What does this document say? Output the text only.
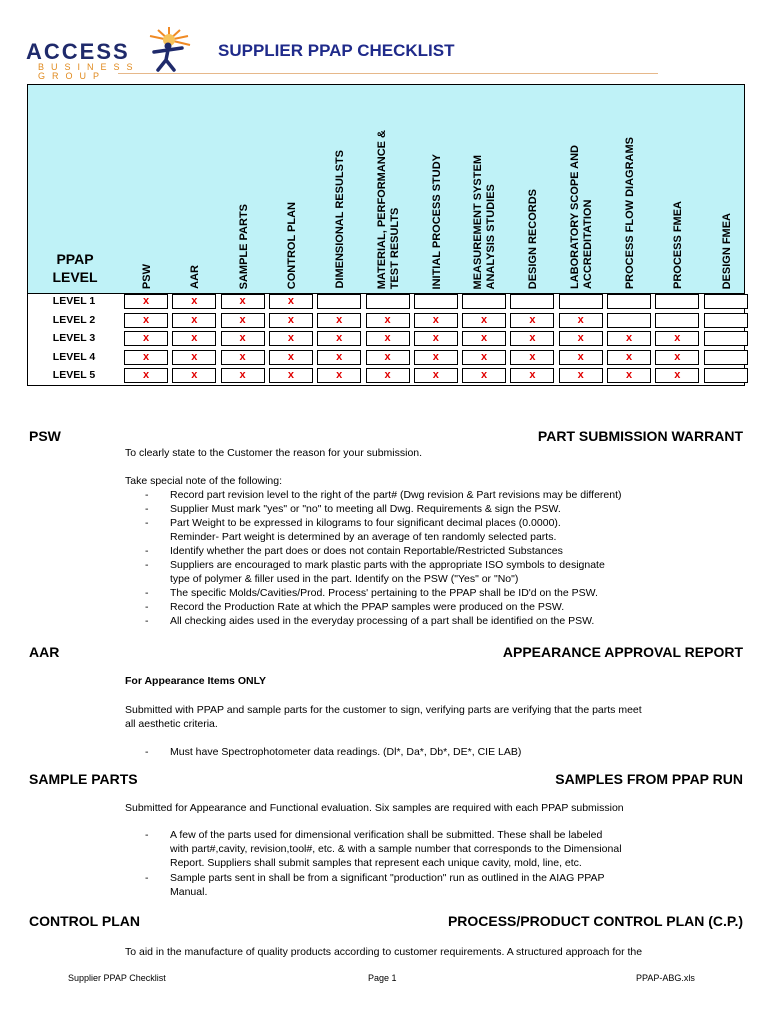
ACCESS
BUSINESS
GROUP
SUPPLIER PPAP CHECKLIST
PPAP
LEVEL	PSW	AAR	SAMPLE PARTS	CONTROL PLAN	DIMENSIONAL RESULSTS	MATERIAL, PERFORMANCE &
TEST RESULTS	INITIAL PROCESS STUDY	MEASUREMENT SYSTEM
ANALYSIS STUDIES	DESIGN RECORDS	LABORATORY SCOPE AND
ACCREDITATION	PROCESS FLOW DIAGRAMS	PROCESS FMEA	DESIGN FMEA
LEVEL 1	x	x	x	x
LEVEL 2	x	x	x	x	x	x	x	x	x	x
LEVEL 3	x	x	x	x	x	x	x	x	x	x	x	x
LEVEL 4	x	x	x	x	x	x	x	x	x	x	x	x
LEVEL 5	x	x	x	x	x	x	x	x	x	x	x	x
PSW	PART SUBMISSION WARRANT
To clearly state to the Customer the reason for your submission.
Take special note of the following:
- Record part revision level to the right of the part# (Dwg revision & Part revisions may be different)
- Supplier Must mark "yes" or "no" to meeting all Dwg. Requirements & sign the PSW.
- Part Weight to be expressed in kilograms to four significant decimal places (0.0000).
Reminder- Part weight is determined by an average of ten randomly selected parts.
- Identify whether the part does or does not contain Reportable/Restricted Substances
- Suppliers are encouraged to mark plastic parts with the appropriate ISO symbols to designate
type of polymer & filler used in the part. Identify on the PSW ("Yes" or "No")
- The specific Molds/Cavities/Prod. Process' pertaining to the PPAP shall be ID'd on the PSW.
- Record the Production Rate at which the PPAP samples were produced on the PSW.
- All checking aides used in the everyday processing of a part shall be identified on the PSW.
AAR	APPEARANCE APPROVAL REPORT
For Appearance Items ONLY
Submitted with PPAP and sample parts for the customer to sign, verifying parts are verifying that the parts meet all aesthetic criteria.
- Must have Spectrophotometer data readings. (Dl*, Da*, Db*, DE*, CIE LAB)
SAMPLE PARTS	SAMPLES FROM PPAP RUN
Submitted for Appearance and Functional evaluation. Six samples are required with each PPAP submission
- A few of the parts used for dimensional verification shall be submitted. These shall be labeled
with part#,cavity, revision,tool#, etc. & with a sample number that corresponds to the Dimensional
Report. Suppliers shall submit samples that represent each unique cavity, mold, line, etc.
- Sample parts sent in shall be from a significant "production" run as outlined in the AIAG PPAP
Manual.
CONTROL PLAN	PROCESS/PRODUCT CONTROL PLAN (C.P.)
To aid in the manufacture of quality products according to customer requirements. A structured approach for the
Supplier PPAP Checklist	Page 1	PPAP-ABG.xls
